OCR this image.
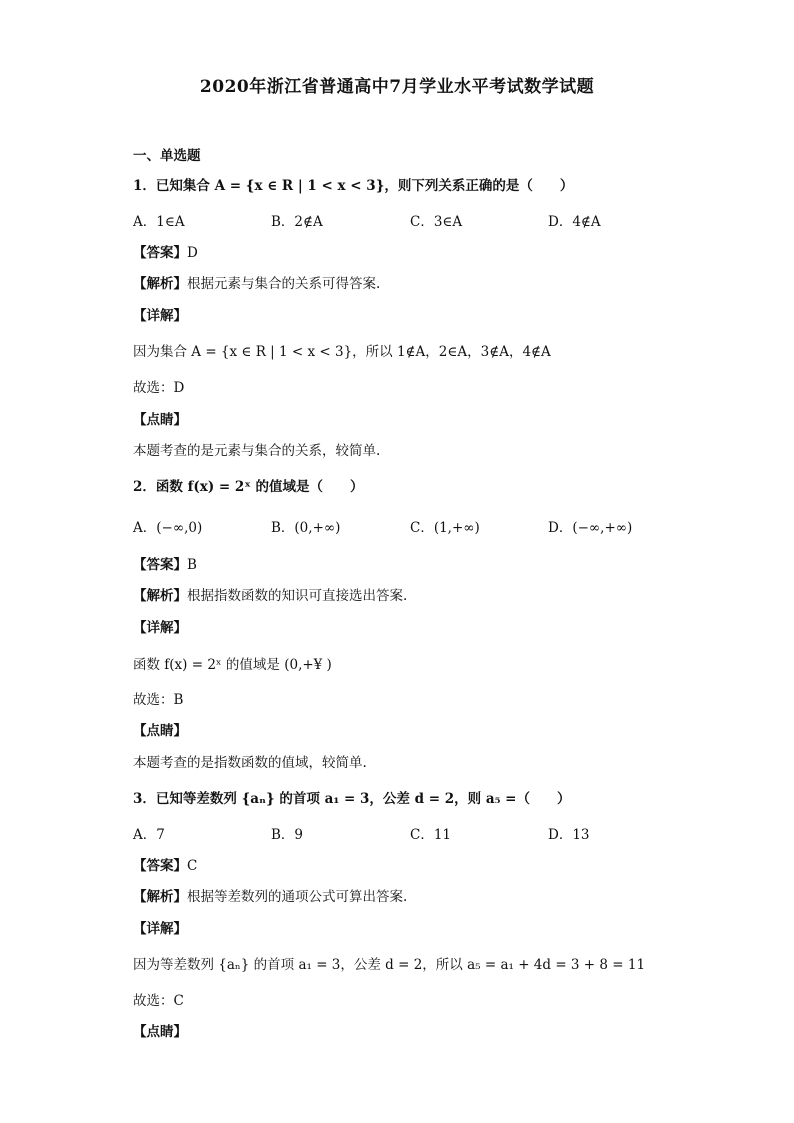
2020年浙江省普通高中7月学业水平考试数学试题
一、单选题
1．已知集合 A = {x ∈ R | 1 < x < 3}，则下列关系正确的是（　　）
A．1∈A	B．2∉A	C．3∈A	D．4∉A
【答案】D
【解析】根据元素与集合的关系可得答案.
【详解】
因为集合 A = {x ∈ R | 1 < x < 3}，所以 1∉A，2∈A，3∉A，4∉A
故选：D
【点睛】
本题考查的是元素与集合的关系，较简单.
2．函数 f(x) = 2ˣ 的值域是（　　）
A．(−∞,0)	B．(0,+∞)	C．(1,+∞)	D．(−∞,+∞)
【答案】B
【解析】根据指数函数的知识可直接选出答案.
【详解】
函数 f(x) = 2ˣ 的值域是 (0,+¥ )
故选：B
【点睛】
本题考查的是指数函数的值域，较简单.
3．已知等差数列 {aₙ} 的首项 a₁ = 3，公差 d = 2，则 a₅ =（　　）
A．7	B．9	C．11	D．13
【答案】C
【解析】根据等差数列的通项公式可算出答案.
【详解】
因为等差数列 {aₙ} 的首项 a₁ = 3，公差 d = 2，所以 a₅ = a₁ + 4d = 3 + 8 = 11
故选：C
【点睛】
